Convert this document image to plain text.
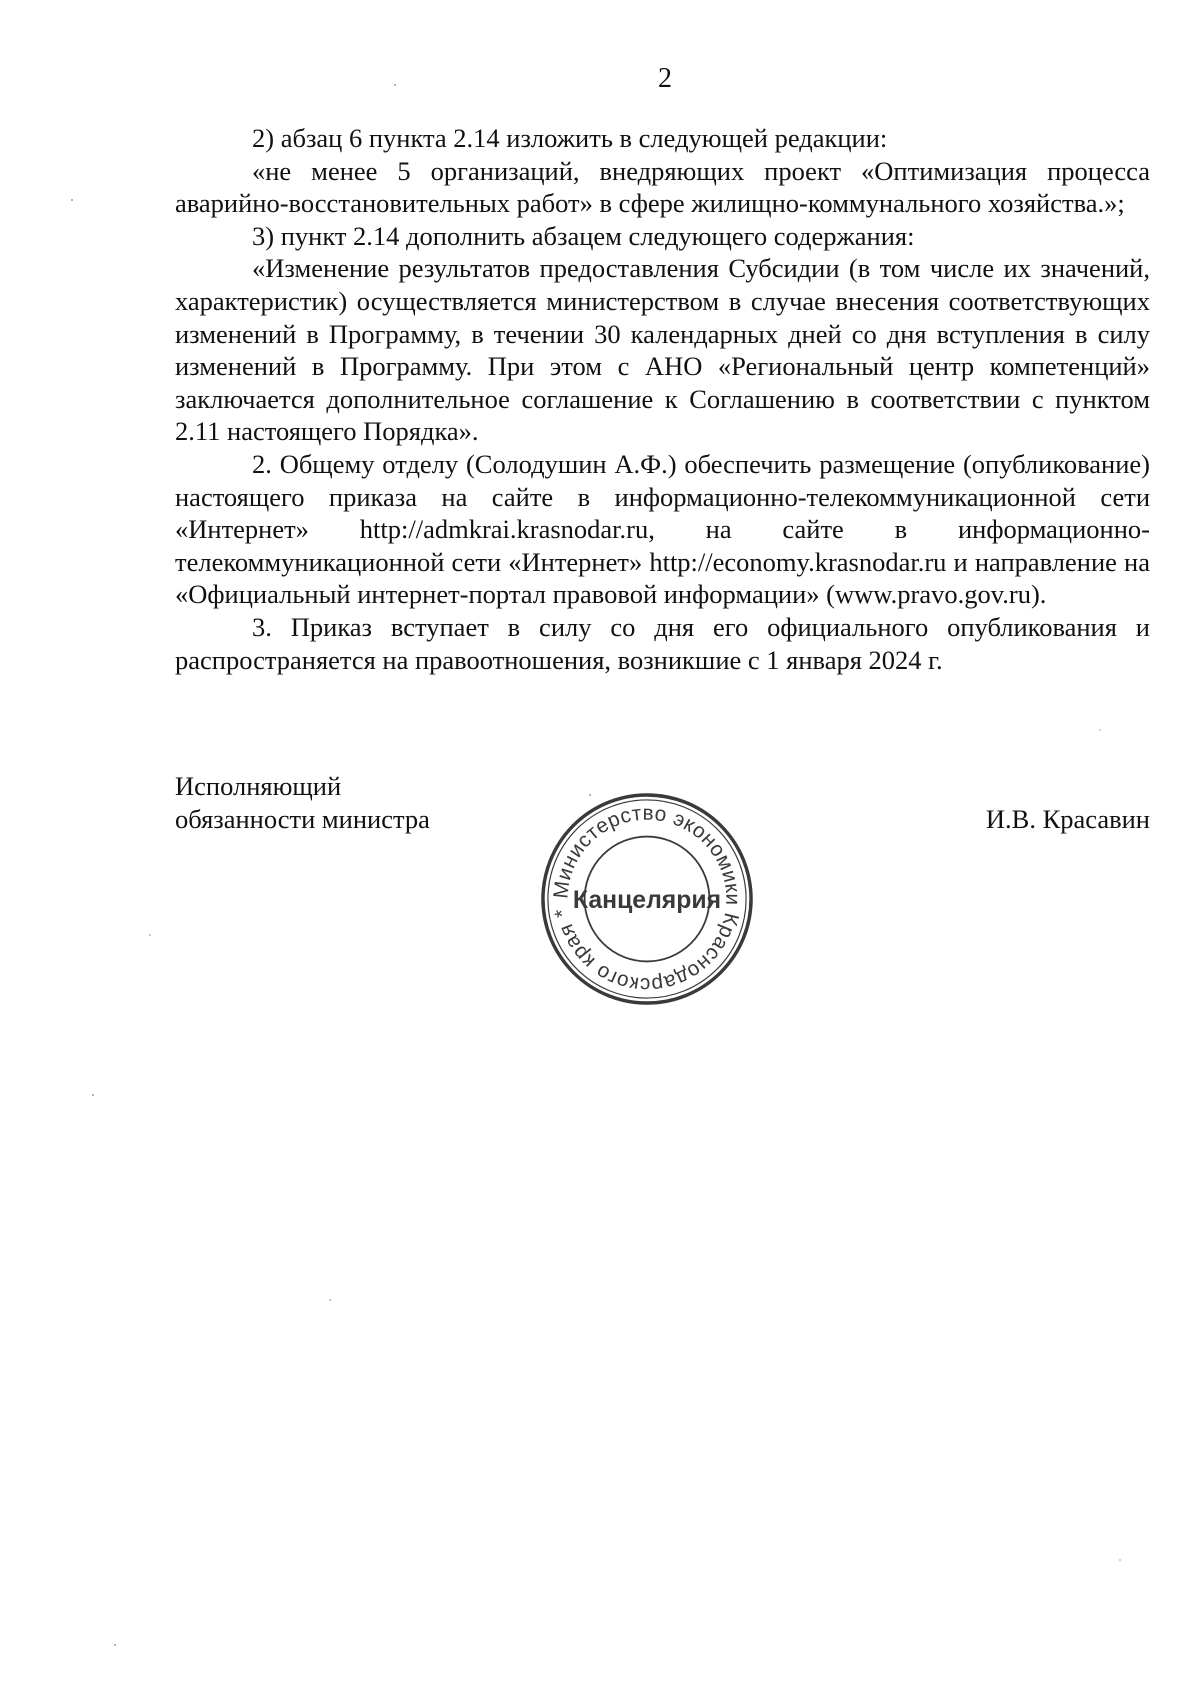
2

2) абзац 6 пункта 2.14 изложить в следующей редакции:

«не менее 5 организаций, внедряющих проект «Оптимизация процесса аварийно-восстановительных работ» в сфере жилищно-коммунального хозяйства.»;

3) пункт 2.14 дополнить абзацем следующего содержания:

«Изменение результатов предоставления Субсидии (в том числе их значений, характеристик) осуществляется министерством в случае внесения соответствующих изменений в Программу, в течении 30 календарных дней со дня вступления в силу изменений в Программу. При этом с АНО «Региональный центр компетенций» заключается дополнительное соглашение к Соглашению в соответствии с пунктом 2.11 настоящего Порядка».

2. Общему отделу (Солодушин А.Ф.) обеспечить размещение (опубликование) настоящего приказа на сайте в информационно-телекоммуникационной сети «Интернет» http://admkrai.krasnodar.ru, на сайте в информационно-телекоммуникационной сети «Интернет» http://economy.krasnodar.ru и направление на «Официальный интернет-портал правовой информации» (www.pravo.gov.ru).

3. Приказ вступает в силу со дня его официального опубликования и распространяется на правоотношения, возникшие с 1 января 2024 г.

Исполняющий
обязанности министра
Министерство экономики Краснодарского края *
Канцелярия
И.В. Красавин
